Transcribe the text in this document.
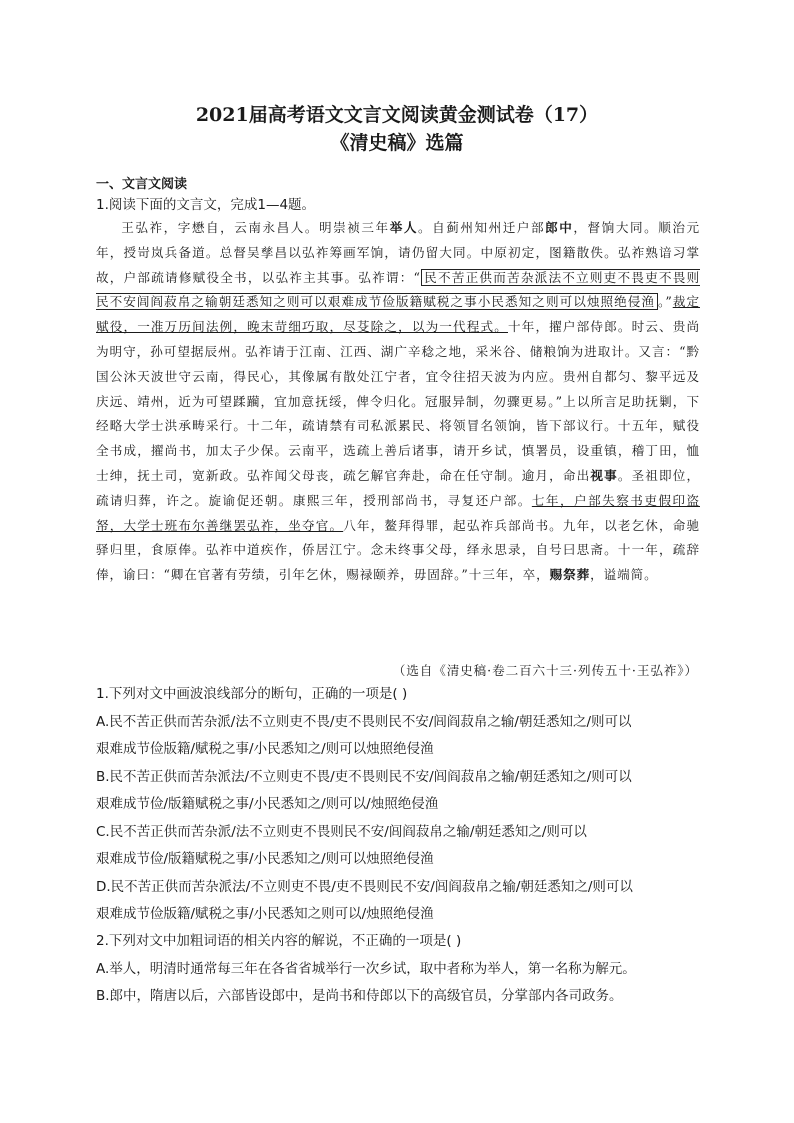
2021届高考语文文言文阅读黄金测试卷（17）
《清史稿》选篇
一、文言文阅读
1.阅读下面的文言文，完成1—4题。

王弘祚，字懋自，云南永昌人。明崇祯三年举人。自蓟州知州迁户部郎中，督饷大同。顺治元年，授岢岚兵备道。总督吴孳昌以弘祚筹画军饷，请仍留大同。中原初定，图籍散佚。弘祚熟谙习掌故，户部疏请修赋役全书，以弘祚主其事。弘祚谓：“ 民不苦正供而苦杂派法不立则吏不畏吏不畏则民不安闾阎菽帛之输朝廷悉知之则可以艰难成节俭版籍赋税之事小民悉知之则可以烛照绝侵渔 。”裁定赋役，一准万历间法例，晚末苛细巧取，尽芟除之，以为一代程式。十年，擢户部侍郎。时云、贵尚为明守，孙可望据辰州。弘祚请于江南、江西、湖广辛稔之地，采米谷、储粮饷为进取计。又言：“黔国公沐天波世守云南，得民心，其像属有散处江宁者，宜令往招天波为内应。贵州自都匀、黎平远及庆远、靖州，近为可望蹂躏，宜加意抚绥，俾令归化。冠服异制，勿骤更易。”上以所言足助抚剿，下经略大学士洪承畴采行。十二年，疏请禁有司私派累民、将领冒名领饷，皆下部议行。十五年，赋役全书成，擢尚书，加太子少保。云南平，选疏上善后诸事，请开乡试，慎署员，设重镇，稽丁田，恤士绅，抚土司，宽新政。弘祚闻父母丧，疏乞解官奔赴，命在任守制。逾月，命出视事。圣祖即位，疏请归葬，许之。旋谕促还朝。康熙三年，授刑部尚书，寻复还户部。七年，户部失察书吏假印盗帑，大学士班布尔善继罢弘祚，坐夺官。八年，鳌拜得罪，起弘祚兵部尚书。九年，以老乞休，命驰驿归里，食原俸。弘祚中道疾作，侨居江宁。念未终事父母，绎永思录，自号曰思斋。十一年，疏辞俸，谕曰：“卿在官著有劳绩，引年乞休，赐禄颐养，毋固辞。”十三年，卒，赐祭葬，谥端简。

（选自《清史稿·卷二百六十三·列传五十·王弘祚》）
1.下列对文中画波浪线部分的断句，正确的一项是( )
A.民不苦正供而苦杂派/法不立则吏不畏/吏不畏则民不安/闾阎菽帛之输/朝廷悉知之/则可以
艰难成节俭版籍/赋税之事/小民悉知之/则可以烛照绝侵渔
B.民不苦正供而苦杂派法/不立则吏不畏/吏不畏则民不安/闾阎菽帛之输/朝廷悉知之/则可以
艰难成节俭/版籍赋税之事/小民悉知之/则可以/烛照绝侵渔
C.民不苦正供而苦杂派/法不立则吏不畏则民不安/闾阎菽帛之输/朝廷悉知之/则可以
艰难成节俭/版籍赋税之事/小民悉知之/则可以烛照绝侵渔
D.民不苦正供而苦杂派法/不立则吏不畏/吏不畏则民不安/闾阎菽帛之输/朝廷悉知之/则可以
艰难成节俭版籍/赋税之事/小民悉知之则可以/烛照绝侵渔
2.下列对文中加粗词语的相关内容的解说，不正确的一项是( )
A.举人，明清时通常每三年在各省省城举行一次乡试，取中者称为举人，第一名称为解元。
B.郎中，隋唐以后，六部皆设郎中，是尚书和侍郎以下的高级官员，分掌部内各司政务。
